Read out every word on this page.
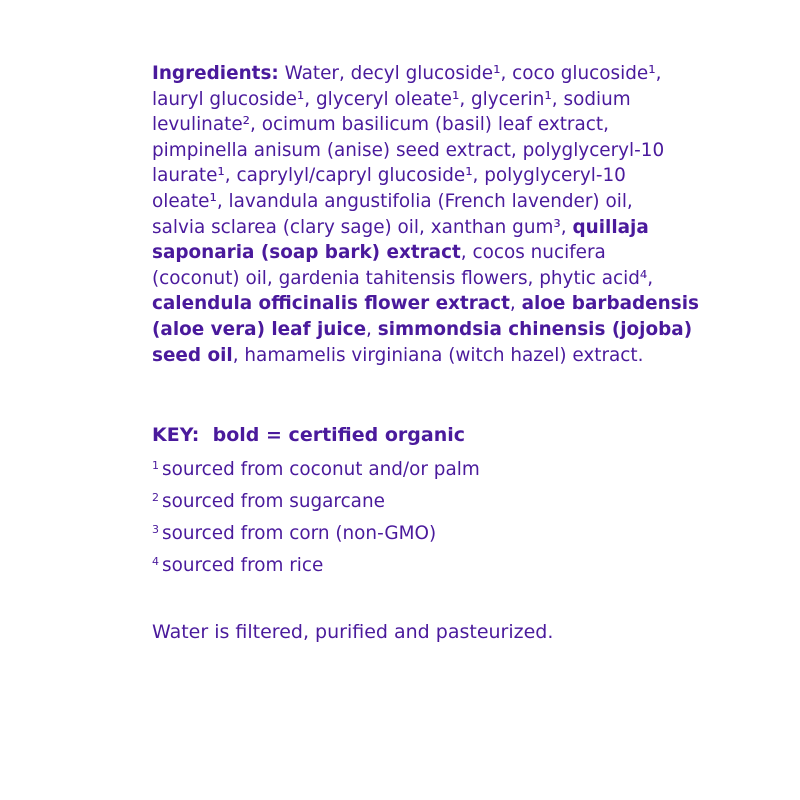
Ingredients: Water, decyl glucoside¹, coco glucoside¹,
lauryl glucoside¹, glyceryl oleate¹, glycerin¹, sodium
levulinate², ocimum basilicum (basil) leaf extract,
pimpinella anisum (anise) seed extract, polyglyceryl-10
laurate¹, caprylyl/capryl glucoside¹, polyglyceryl-10
oleate¹, lavandula angustifolia (French lavender) oil,
salvia sclarea (clary sage) oil, xanthan gum³, quillaja
saponaria (soap bark) extract, cocos nucifera
(coconut) oil, gardenia tahitensis flowers, phytic acid⁴,
calendula officinalis flower extract, aloe barbadensis
(aloe vera) leaf juice, simmondsia chinensis (jojoba)
seed oil, hamamelis virginiana (witch hazel) extract.

KEY:  bold = certified organic

$^1$ sourced from coconut and/or palm

$^2$ sourced from sugarcane

$^3$ sourced from corn (non-GMO)

$^4$ sourced from rice

Water is filtered, purified and pasteurized.
